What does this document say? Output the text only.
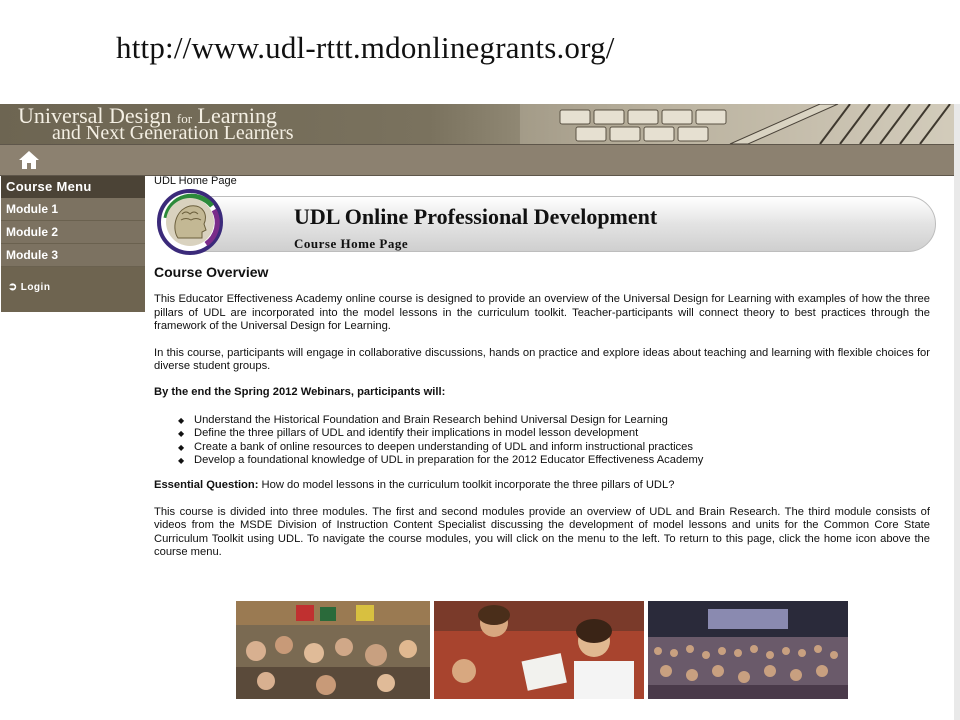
http://www.udl-rttt.mdonlinegrants.org/
Universal Design for Learning
and Next Generation Learners
Course Menu
Module 1
Module 2
Module 3
➲ Login
UDL Home Page
UDL Online Professional Development
Course Home Page
Course Overview

This Educator Effectiveness Academy online course is designed to provide an overview of the Universal Design for Learning with examples of how the three pillars of UDL are incorporated into the model lessons in the curriculum toolkit. Teacher-participants will connect theory to best practices through the framework of the Universal Design for Learning.

In this course, participants will engage in collaborative discussions, hands on practice and explore ideas about teaching and learning with flexible choices for diverse student groups.

By the end the Spring 2012 Webinars, participants will:
◆ Understand the Historical Foundation and Brain Research behind Universal Design for Learning
◆ Define the three pillars of UDL and identify their implications in model lesson development
◆ Create a bank of online resources to deepen understanding of UDL and inform instructional practices
◆ Develop a foundational knowledge of UDL in preparation for the 2012 Educator Effectiveness Academy

Essential Question: How do model lessons in the curriculum toolkit incorporate the three pillars of UDL?

This course is divided into three modules. The first and second modules provide an overview of UDL and Brain Research. The third module consists of videos from the MSDE Division of Instruction Content Specialist discussing the development of model lessons and units for the Common Core State Curriculum Toolkit using UDL. To navigate the course modules, you will click on the menu to the left. To return to this page, click the home icon above the course menu.
